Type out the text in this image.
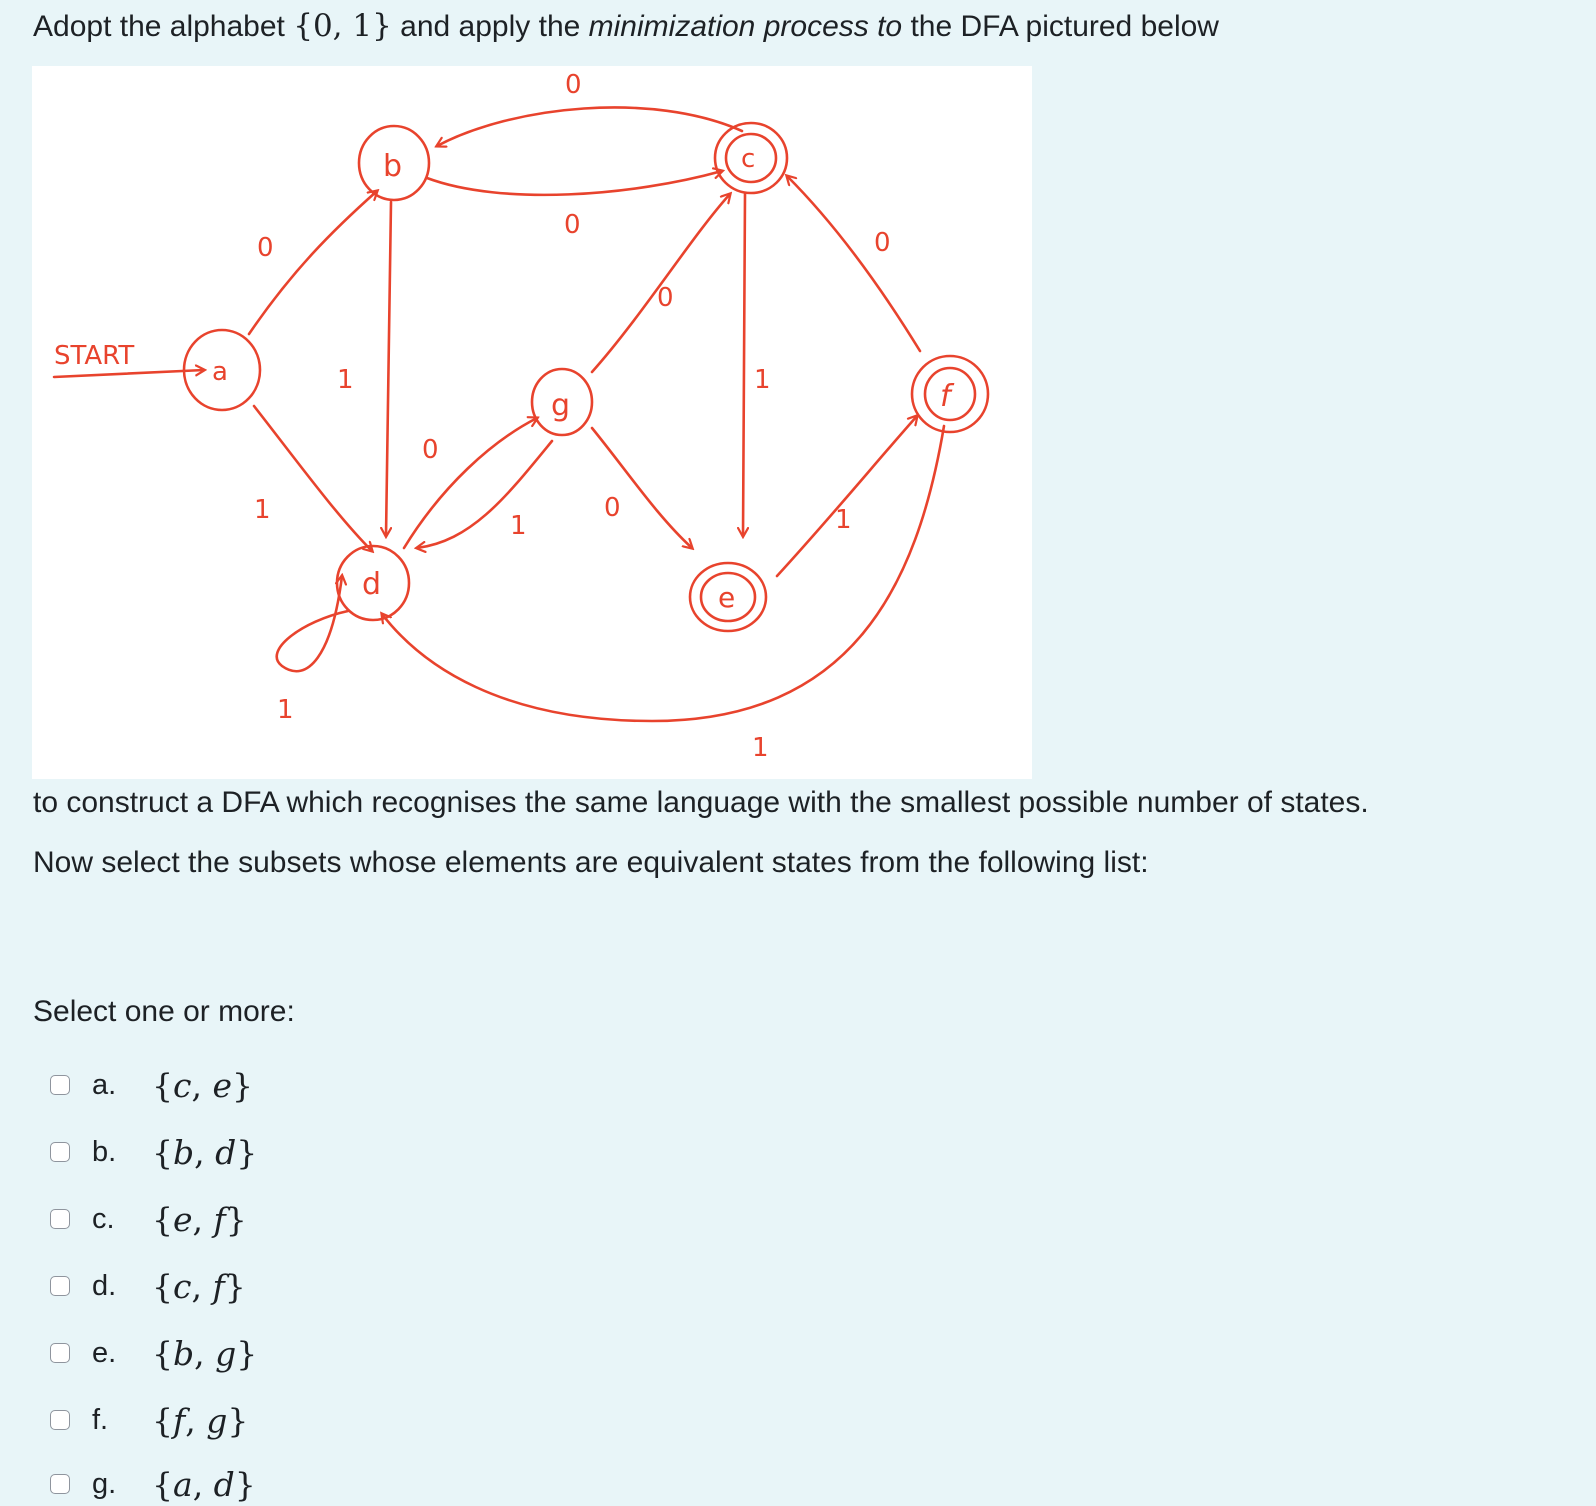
Adopt the alphabet {0, 1} and apply the minimization process to the DFA pictured below
START
a
b	c
d	e
f
g
0
0
0
0
0
0
0
1	1
1
1	1
1
1
to construct a DFA which recognises the same language with the smallest possible number of states.
Now select the subsets whose elements are equivalent states from the following list:
Select one or more:
a.	{c, e}
b.	{b, d}
c.	{e, f}
d.	{c, f}
e.	{b, g}
f.	{f, g}
g.	{a, d}
